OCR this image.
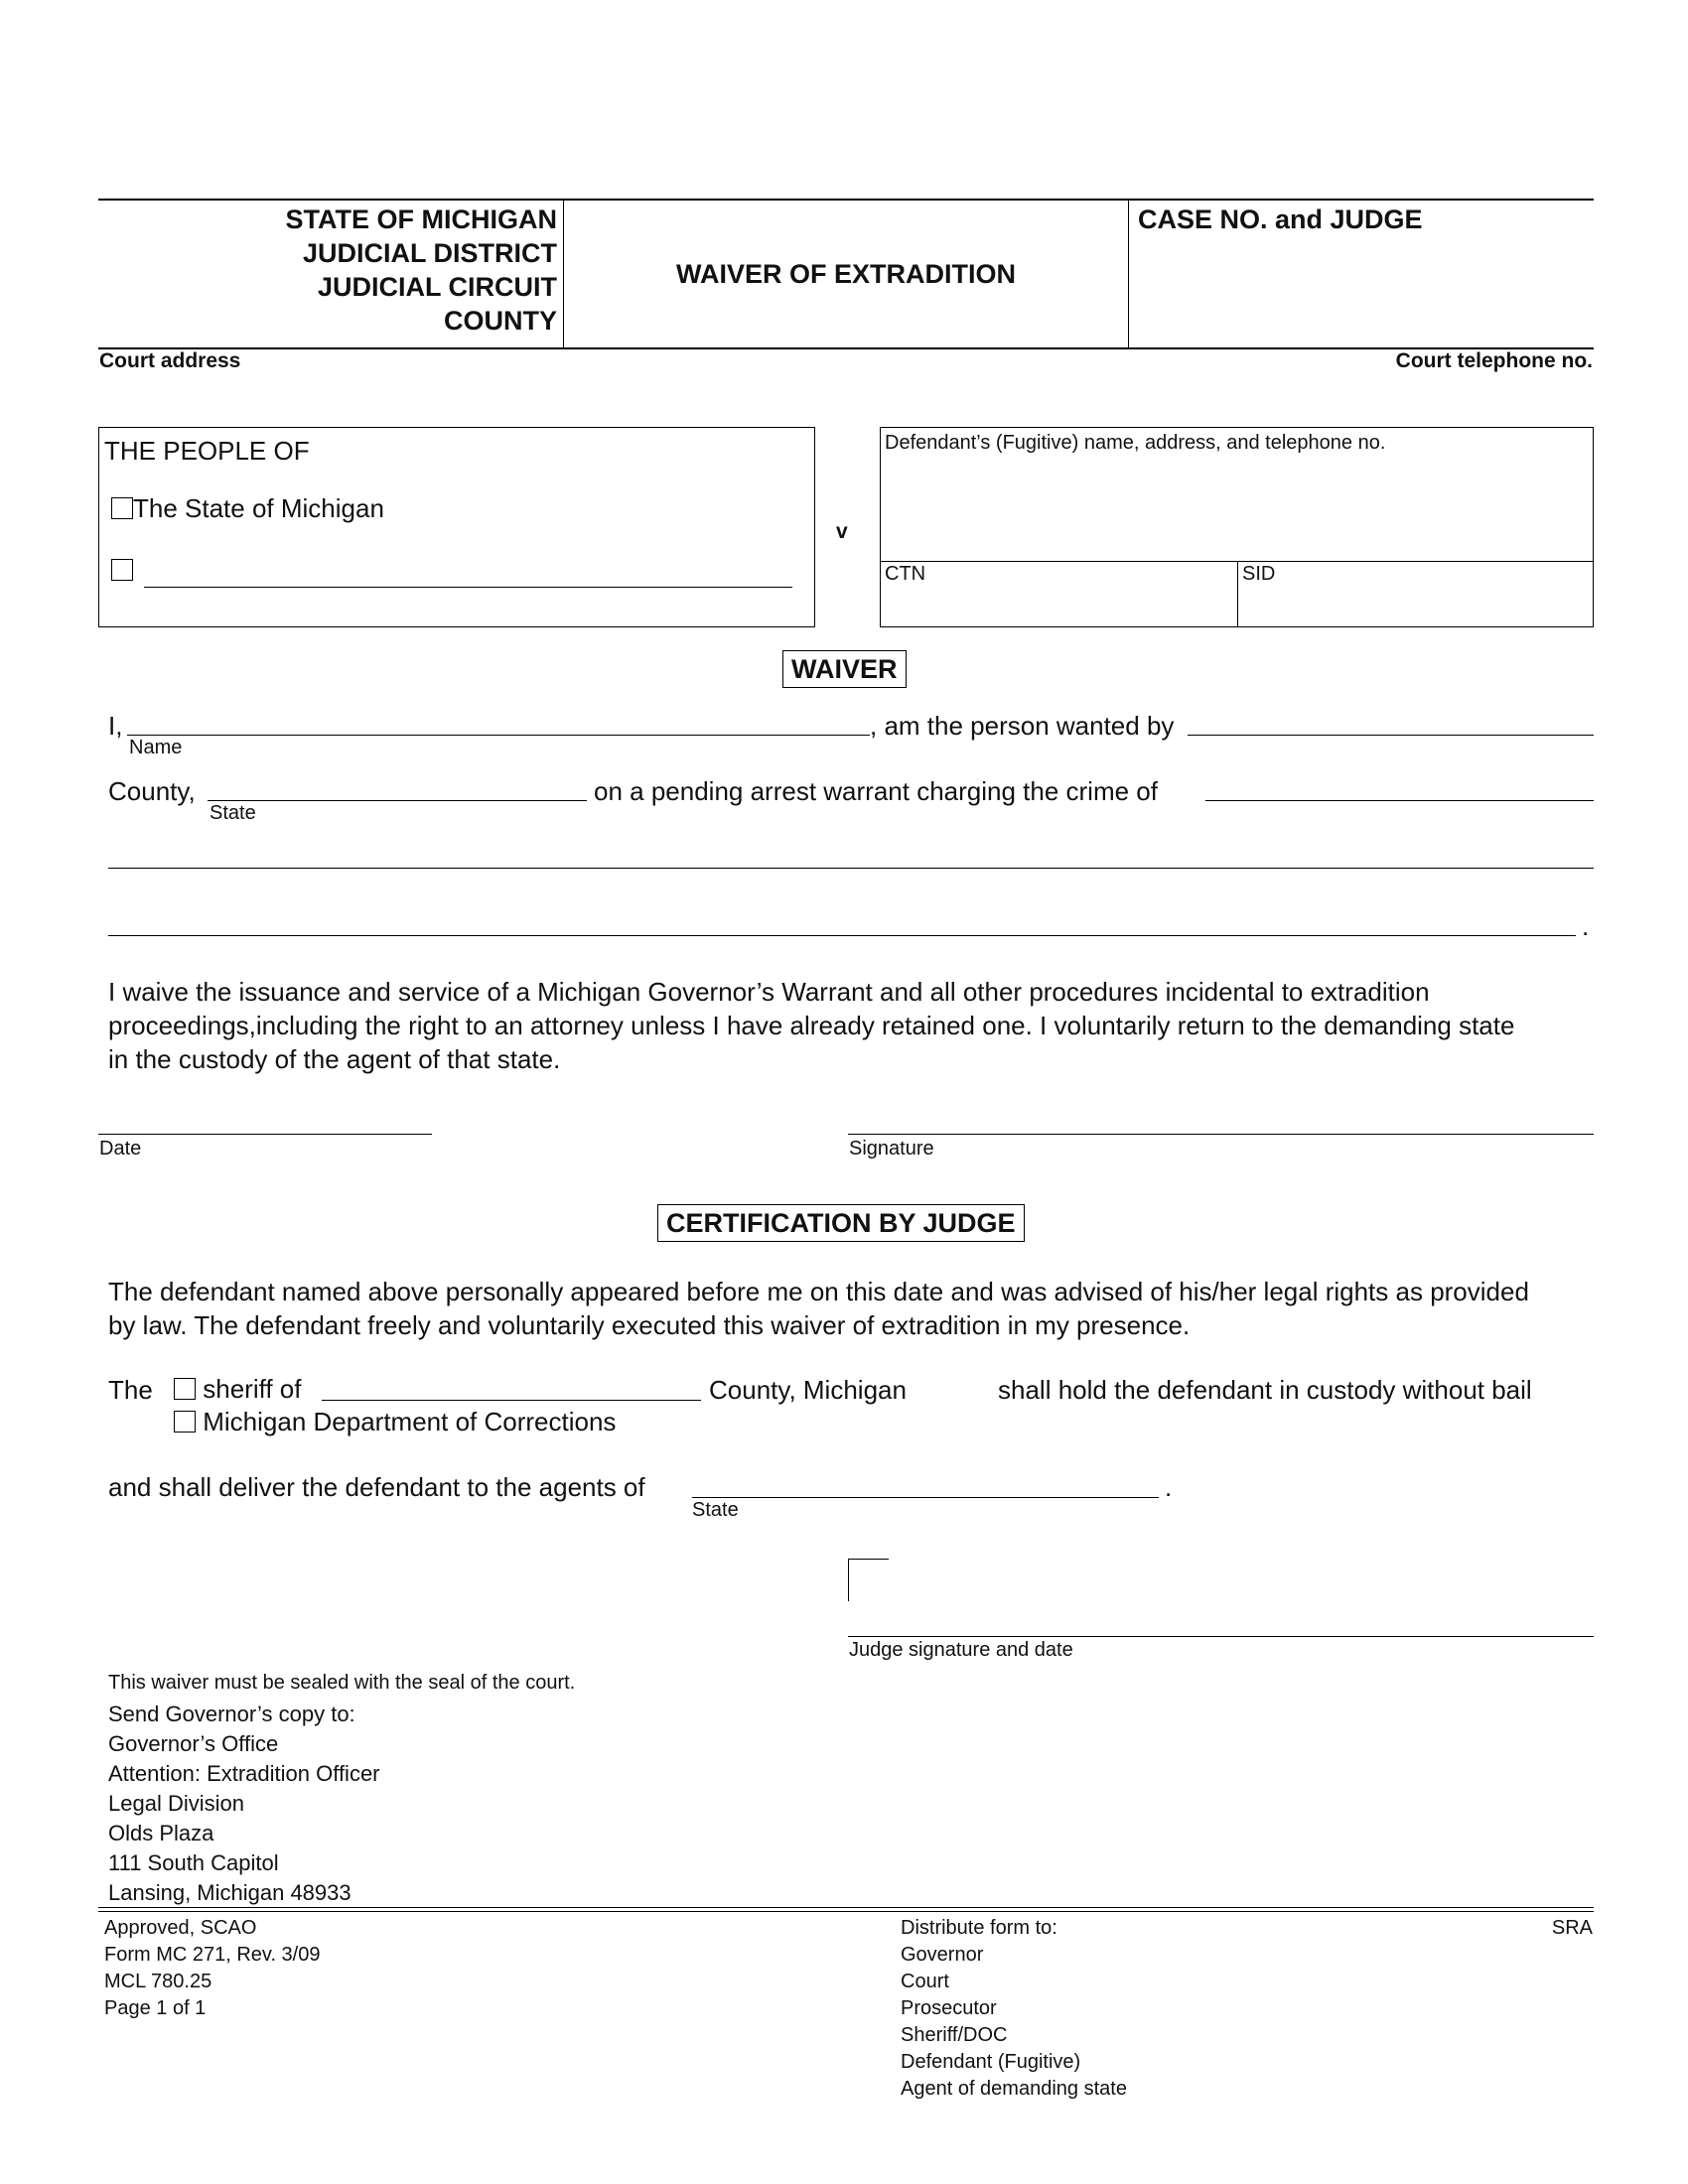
STATE OF MICHIGAN
JUDICIAL DISTRICT
JUDICIAL CIRCUIT
COUNTY
WAIVER OF EXTRADITION
CASE NO. and JUDGE
Court address	Court telephone no.
THE PEOPLE OF
The State of Michigan
v
Defendant’s (Fugitive) name, address, and telephone no.
CTN	SID
WAIVER
I,
Name
, am the person wanted by
County,
State
on a pending arrest warrant charging the crime of
.
I waive the issuance and service of a Michigan Governor’s Warrant and all other procedures incidental to extradition
proceedings,including the right to an attorney unless I have already retained one. I voluntarily return to the demanding state
in the custody of the agent of that state.
Date	Signature
CERTIFICATION BY JUDGE
The defendant named above personally appeared before me on this date and was advised of his/her legal rights as provided
by law. The defendant freely and voluntarily executed this waiver of extradition in my presence.
The	sheriff of	County, Michigan	shall hold the defendant in custody without bail
Michigan Department of Corrections
and shall deliver the defendant to the agents of
State
.
Judge signature and date
This waiver must be sealed with the seal of the court.
Send Governor’s copy to:
Governor’s Office
Attention: Extradition Officer
Legal Division
Olds Plaza
111 South Capitol
Lansing, Michigan 48933
Approved, SCAO
Form MC 271, Rev. 3/09
MCL 780.25
Page 1 of 1
Distribute form to:
Governor
Court
Prosecutor
Sheriff/DOC
Defendant (Fugitive)
Agent of demanding state
SRA
